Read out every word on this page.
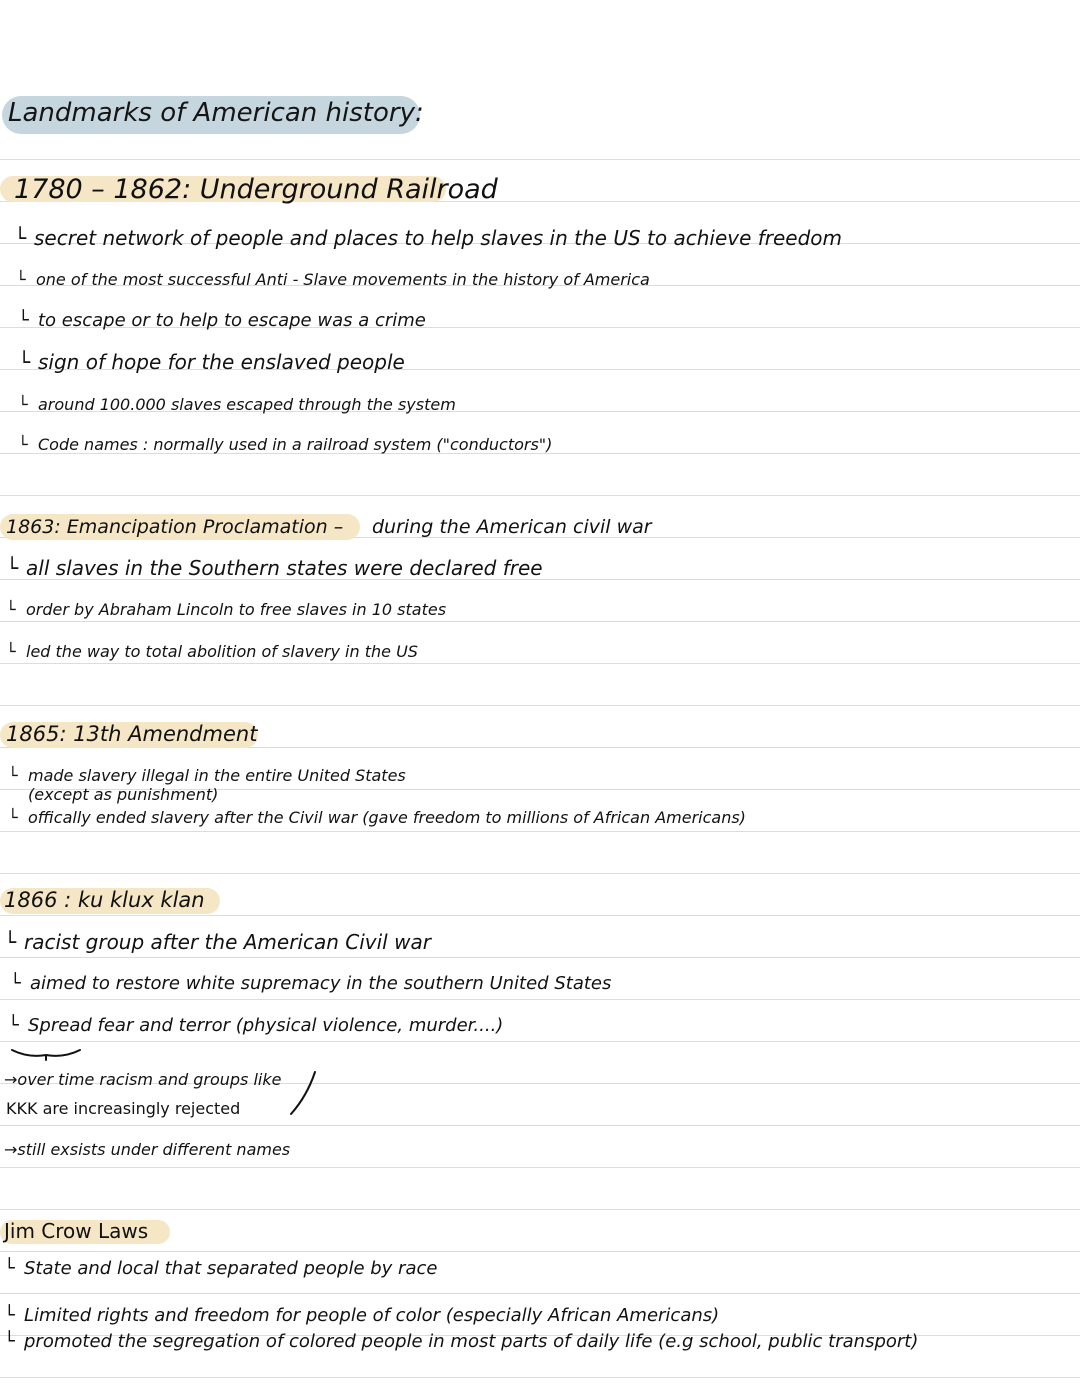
Landmarks of American history:
1780 – 1862: Underground Railroad
└ secret network of people and places to help slaves in the US to achieve freedom
└ one of the most successful Anti - Slave movements in the history of America
└ to escape or to help to escape was a crime
└ sign of hope for the enslaved people
└ around 100.000 slaves escaped through the system
└ Code names : normally used in a railroad system ("conductors")
1863: Emancipation Proclamation – during the American civil war
└ all slaves in the Southern states were declared free
└ order by Abraham Lincoln to free slaves in 10 states
└ led the way to total abolition of slavery in the US
1865: 13th Amendment
└ made slavery illegal in the entire United States
(except as punishment)
└ offically ended slavery after the Civil war (gave freedom to millions of African Americans)
1866 : ku klux klan
└ racist group after the American Civil war
└ aimed to restore white supremacy in the southern United States
└ Spread fear and terror (physical violence, murder....)
→over time racism and groups like
KKK are increasingly rejected
→still exsists under different names
Jim Crow Laws
└ State and local that separated people by race
└ Limited rights and freedom for people of color (especially African Americans)
└ promoted the segregation of colored people in most parts of daily life (e.g school, public transport)
